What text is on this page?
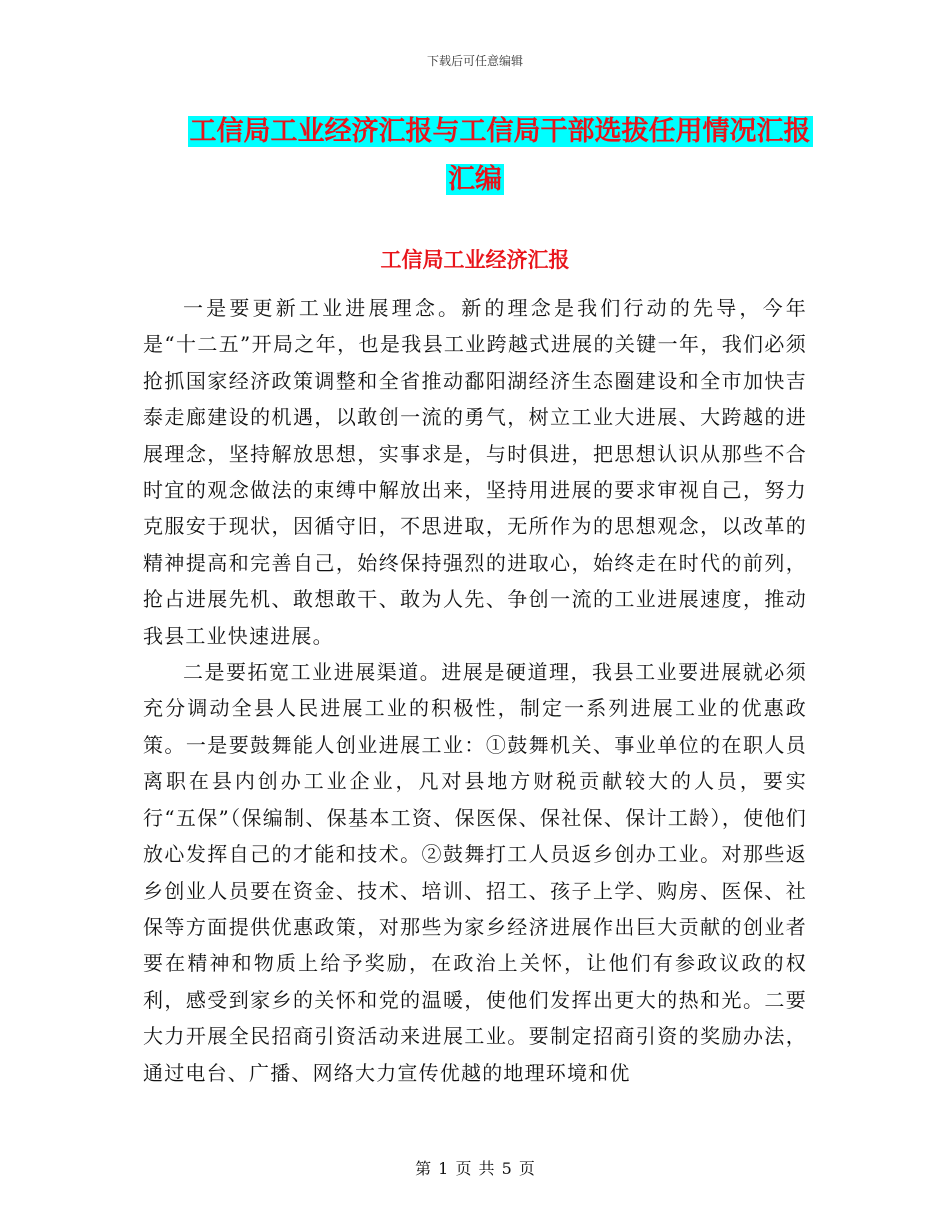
下载后可任意编辑
工信局工业经济汇报与工信局干部选拔任用情况汇报
汇编
工信局工业经济汇报

一是要更新工业进展理念。新的理念是我们行动的先导，今年是“十二五”开局之年，也是我县工业跨越式进展的关键一年，我们必须抢抓国家经济政策调整和全省推动鄱阳湖经济生态圈建设和全市加快吉泰走廊建设的机遇，以敢创一流的勇气，树立工业大进展、大跨越的进展理念，坚持解放思想，实事求是，与时俱进，把思想认识从那些不合时宜的观念做法的束缚中解放出来，坚持用进展的要求审视自己，努力克服安于现状，因循守旧，不思进取，无所作为的思想观念，以改革的精神提高和完善自己，始终保持强烈的进取心，始终走在时代的前列，抢占进展先机、敢想敢干、敢为人先、争创一流的工业进展速度，推动我县工业快速进展。

二是要拓宽工业进展渠道。进展是硬道理，我县工业要进展就必须充分调动全县人民进展工业的积极性，制定一系列进展工业的优惠政策。一是要鼓舞能人创业进展工业：①鼓舞机关、事业单位的在职人员离职在县内创办工业企业，凡对县地方财税贡献较大的人员，要实行“五保”（保编制、保基本工资、保医保、保社保、保计工龄），使他们放心发挥自己的才能和技术。②鼓舞打工人员返乡创办工业。对那些返乡创业人员要在资金、技术、培训、招工、孩子上学、购房、医保、社保等方面提供优惠政策，对那些为家乡经济进展作出巨大贡献的创业者要在精神和物质上给予奖励，在政治上关怀，让他们有参政议政的权利，感受到家乡的关怀和党的温暖，使他们发挥出更大的热和光。二要大力开展全民招商引资活动来进展工业。要制定招商引资的奖励办法，通过电台、广播、网络大力宣传优越的地理环境和优

第 1 页 共 5 页
